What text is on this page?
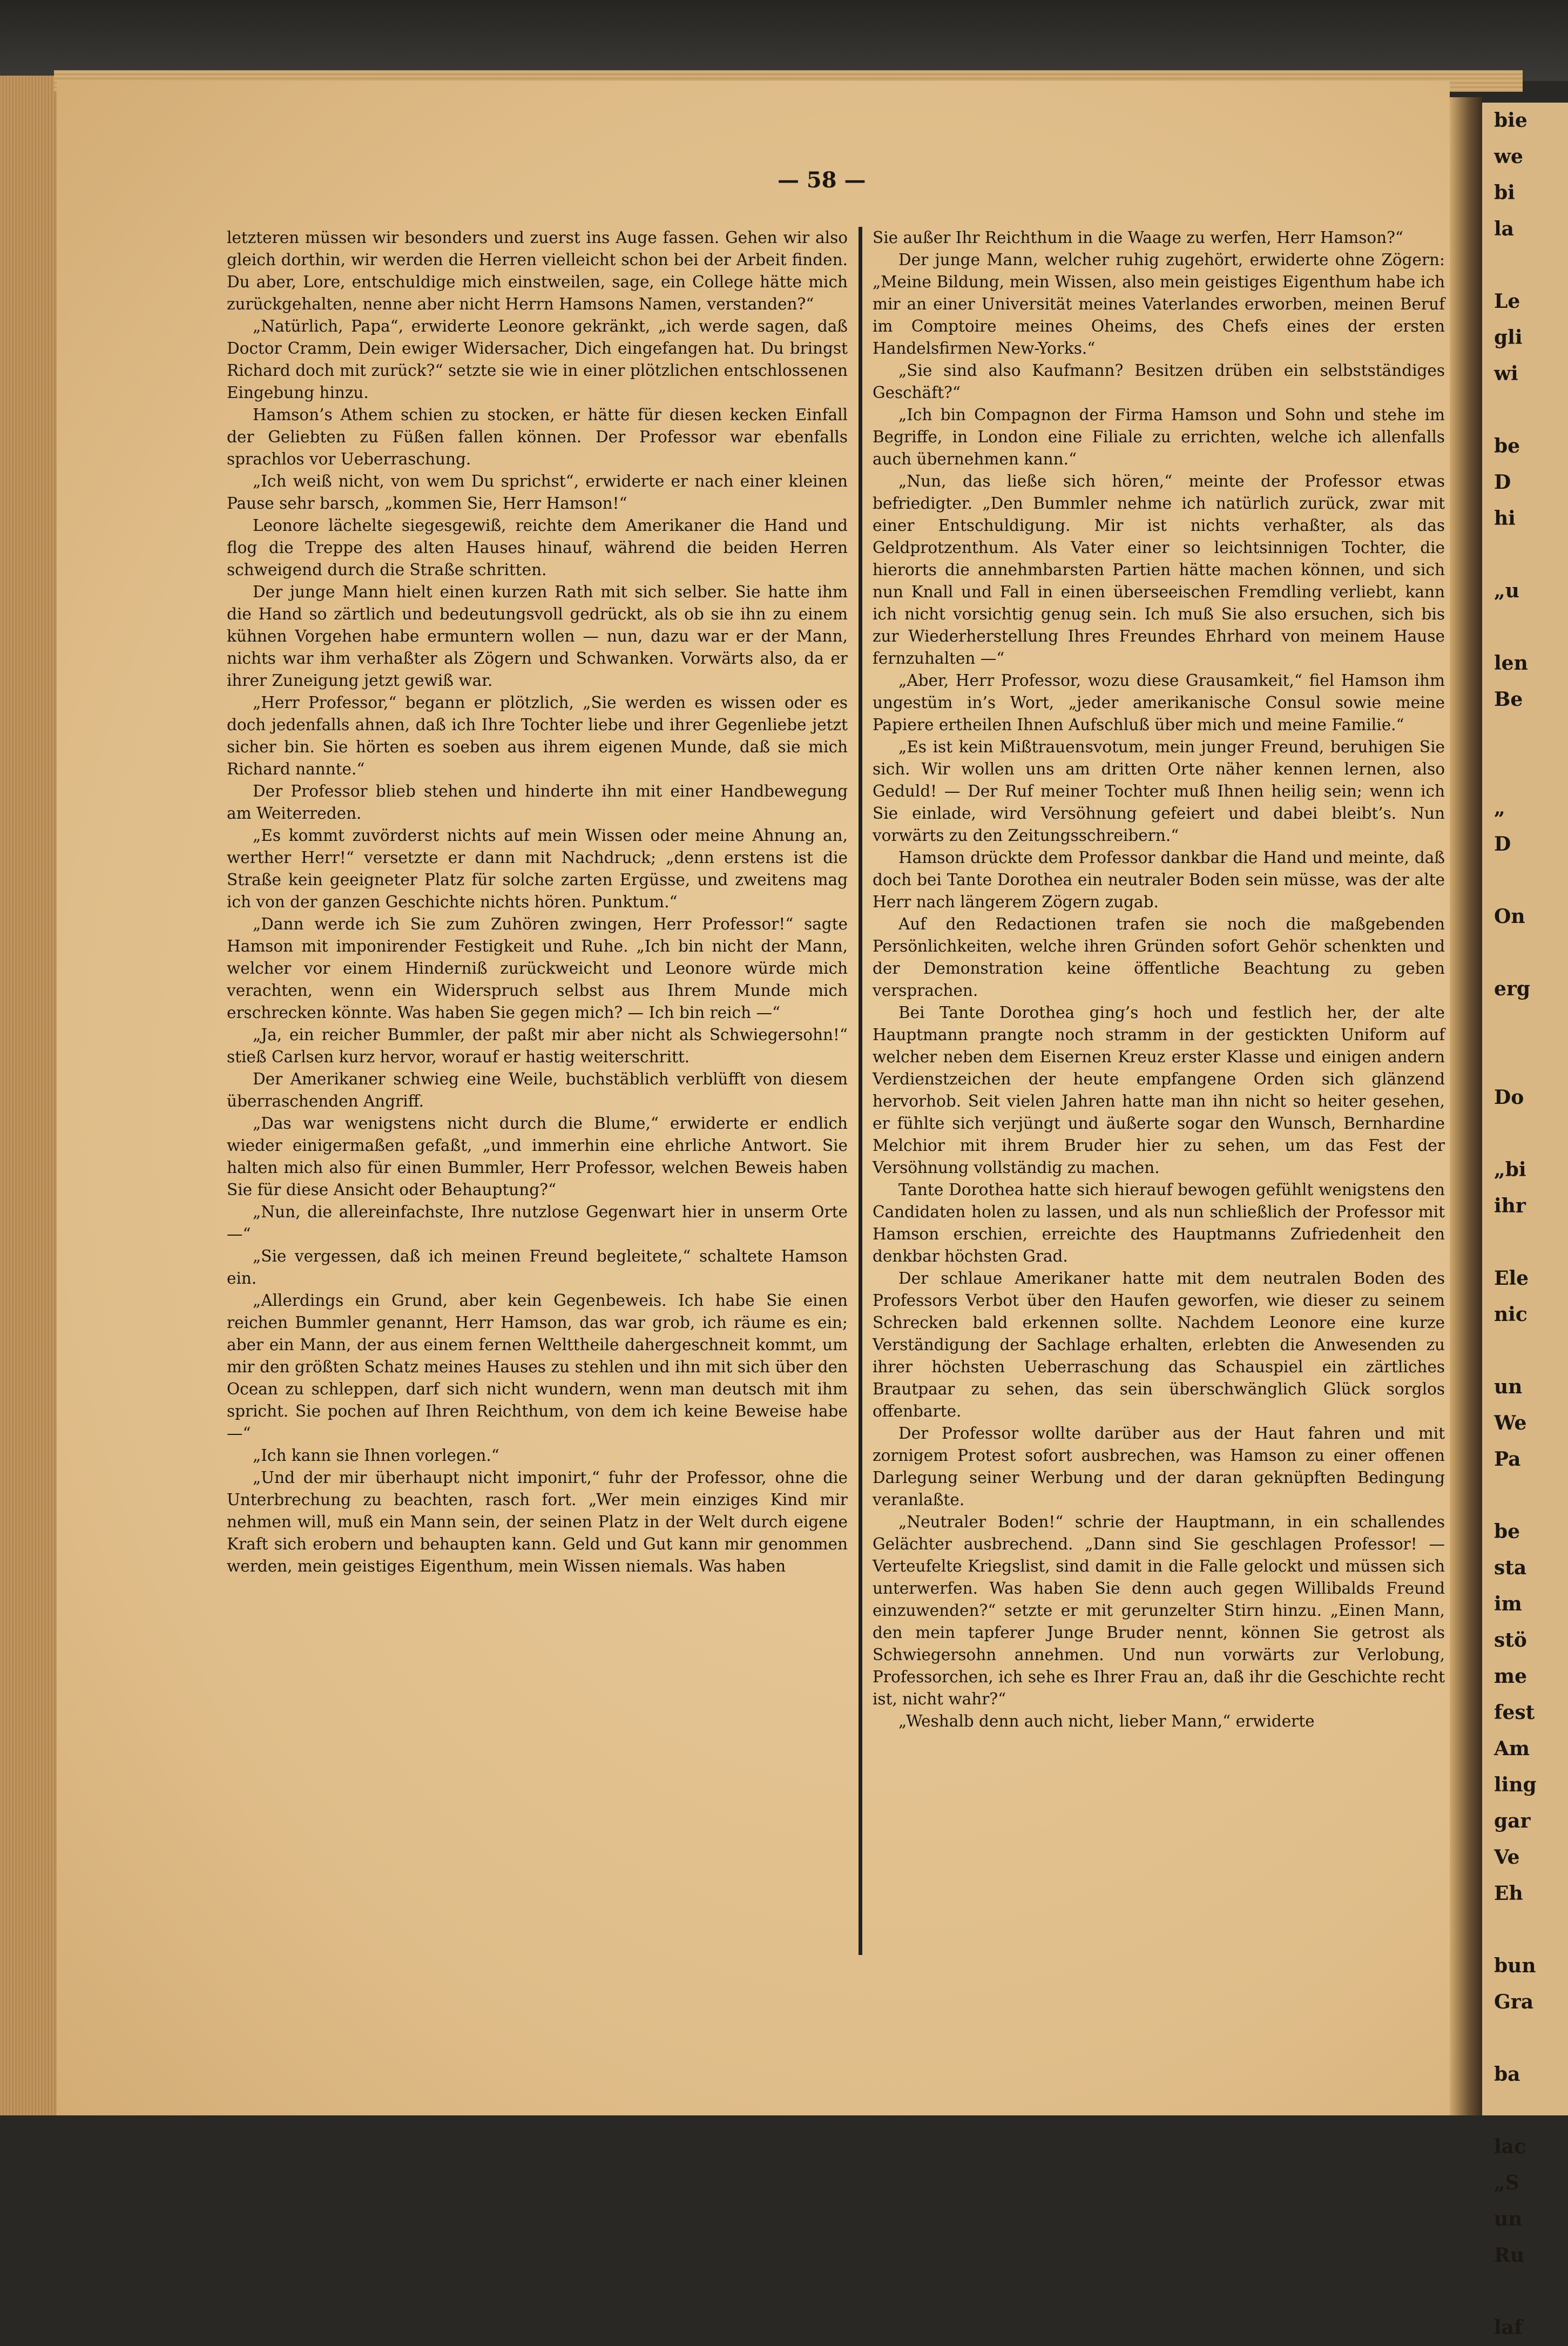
bie
we
bi
la

Le
gli
wi

be
D
hi

„u

len
Be

„
D

On

erg

Do

„bi
ihr

Ele
nic

un
We
Pa

be
sta
im
stö
me
fest
Am
ling
gar
Ve
Eh

bun
Gra

ba

lac
„S
un
Ru

laf
— 58 —

letzteren müssen wir besonders und zuerst ins Auge fassen. Gehen wir also gleich dorthin, wir werden die Herren vielleicht schon bei der Arbeit finden. Du aber, Lore, entschuldige mich einstweilen, sage, ein College hätte mich zurückgehalten, nenne aber nicht Herrn Hamsons Namen, verstanden?“

„Natürlich, Papa“, erwiderte Leonore gekränkt, „ich werde sagen, daß Doctor Cramm, Dein ewiger Widersacher, Dich eingefangen hat. Du bringst Richard doch mit zurück?“ setzte sie wie in einer plötzlichen entschlossenen Eingebung hinzu.

Hamson’s Athem schien zu stocken, er hätte für diesen kecken Einfall der Geliebten zu Füßen fallen können. Der Professor war ebenfalls sprachlos vor Ueberraschung.

„Ich weiß nicht, von wem Du sprichst“, erwiderte er nach einer kleinen Pause sehr barsch, „kommen Sie, Herr Hamson!“

Leonore lächelte siegesgewiß, reichte dem Amerikaner die Hand und flog die Treppe des alten Hauses hinauf, während die beiden Herren schweigend durch die Straße schritten.

Der junge Mann hielt einen kurzen Rath mit sich selber. Sie hatte ihm die Hand so zärtlich und bedeutungsvoll gedrückt, als ob sie ihn zu einem kühnen Vorgehen habe ermuntern wollen — nun, dazu war er der Mann, nichts war ihm verhaßter als Zögern und Schwanken. Vorwärts also, da er ihrer Zuneigung jetzt gewiß war.

„Herr Professor,“ begann er plötzlich, „Sie werden es wissen oder es doch jedenfalls ahnen, daß ich Ihre Tochter liebe und ihrer Gegenliebe jetzt sicher bin. Sie hörten es soeben aus ihrem eigenen Munde, daß sie mich Richard nannte.“

Der Professor blieb stehen und hinderte ihn mit einer Handbewegung am Weiterreden.

„Es kommt zuvörderst nichts auf mein Wissen oder meine Ahnung an, werther Herr!“ versetzte er dann mit Nachdruck; „denn erstens ist die Straße kein geeigneter Platz für solche zarten Ergüsse, und zweitens mag ich von der ganzen Geschichte nichts hören. Punktum.“

„Dann werde ich Sie zum Zuhören zwingen, Herr Professor!“ sagte Hamson mit imponirender Festigkeit und Ruhe. „Ich bin nicht der Mann, welcher vor einem Hinderniß zurückweicht und Leonore würde mich verachten, wenn ein Widerspruch selbst aus Ihrem Munde mich erschrecken könnte. Was haben Sie gegen mich? — Ich bin reich —“

„Ja, ein reicher Bummler, der paßt mir aber nicht als Schwiegersohn!“ stieß Carlsen kurz hervor, worauf er hastig weiterschritt.

Der Amerikaner schwieg eine Weile, buchstäblich verblüfft von diesem überraschenden Angriff.

„Das war wenigstens nicht durch die Blume,“ erwiderte er endlich wieder einigermaßen gefaßt, „und immerhin eine ehrliche Antwort. Sie halten mich also für einen Bummler, Herr Professor, welchen Beweis haben Sie für diese Ansicht oder Behauptung?“

„Nun, die allereinfachste, Ihre nutzlose Gegenwart hier in unserm Orte —“

„Sie vergessen, daß ich meinen Freund begleitete,“ schaltete Hamson ein.

„Allerdings ein Grund, aber kein Gegenbeweis. Ich habe Sie einen reichen Bummler genannt, Herr Hamson, das war grob, ich räume es ein; aber ein Mann, der aus einem fernen Welttheile dahergeschneit kommt, um mir den größten Schatz meines Hauses zu stehlen und ihn mit sich über den Ocean zu schleppen, darf sich nicht wundern, wenn man deutsch mit ihm spricht. Sie pochen auf Ihren Reichthum, von dem ich keine Beweise habe —“

„Ich kann sie Ihnen vorlegen.“

„Und der mir überhaupt nicht imponirt,“ fuhr der Professor, ohne die Unterbrechung zu beachten, rasch fort. „Wer mein einziges Kind mir nehmen will, muß ein Mann sein, der seinen Platz in der Welt durch eigene Kraft sich erobern und behaupten kann. Geld und Gut kann mir genommen werden, mein geistiges Eigenthum, mein Wissen niemals. Was haben

Sie außer Ihr Reichthum in die Waage zu werfen, Herr Hamson?“

Der junge Mann, welcher ruhig zugehört, erwiderte ohne Zögern: „Meine Bildung, mein Wissen, also mein geistiges Eigenthum habe ich mir an einer Universität meines Vaterlandes erworben, meinen Beruf im Comptoire meines Oheims, des Chefs eines der ersten Handelsfirmen New-Yorks.“

„Sie sind also Kaufmann? Besitzen drüben ein selbstständiges Geschäft?“

„Ich bin Compagnon der Firma Hamson und Sohn und stehe im Begriffe, in London eine Filiale zu errichten, welche ich allenfalls auch übernehmen kann.“

„Nun, das ließe sich hören,“ meinte der Professor etwas befriedigter. „Den Bummler nehme ich natürlich zurück, zwar mit einer Entschuldigung. Mir ist nichts verhaßter, als das Geldprotzenthum. Als Vater einer so leichtsinnigen Tochter, die hierorts die annehmbarsten Partien hätte machen können, und sich nun Knall und Fall in einen überseeischen Fremdling verliebt, kann ich nicht vorsichtig genug sein. Ich muß Sie also ersuchen, sich bis zur Wiederherstellung Ihres Freundes Ehrhard von meinem Hause fernzuhalten —“

„Aber, Herr Professor, wozu diese Grausamkeit,“ fiel Hamson ihm ungestüm in’s Wort, „jeder amerikanische Consul sowie meine Papiere ertheilen Ihnen Aufschluß über mich und meine Familie.“

„Es ist kein Mißtrauensvotum, mein junger Freund, beruhigen Sie sich. Wir wollen uns am dritten Orte näher kennen lernen, also Geduld! — Der Ruf meiner Tochter muß Ihnen heilig sein; wenn ich Sie einlade, wird Versöhnung gefeiert und dabei bleibt’s. Nun vorwärts zu den Zeitungsschreibern.“

Hamson drückte dem Professor dankbar die Hand und meinte, daß doch bei Tante Dorothea ein neutraler Boden sein müsse, was der alte Herr nach längerem Zögern zugab.

Auf den Redactionen trafen sie noch die maßgebenden Persönlichkeiten, welche ihren Gründen sofort Gehör schenkten und der Demonstration keine öffentliche Beachtung zu geben versprachen.

Bei Tante Dorothea ging’s hoch und festlich her, der alte Hauptmann prangte noch stramm in der gestickten Uniform auf welcher neben dem Eisernen Kreuz erster Klasse und einigen andern Verdienstzeichen der heute empfangene Orden sich glänzend hervorhob. Seit vielen Jahren hatte man ihn nicht so heiter gesehen, er fühlte sich verjüngt und äußerte sogar den Wunsch, Bernhardine Melchior mit ihrem Bruder hier zu sehen, um das Fest der Versöhnung vollständig zu machen.

Tante Dorothea hatte sich hierauf bewogen gefühlt wenigstens den Candidaten holen zu lassen, und als nun schließlich der Professor mit Hamson erschien, erreichte des Hauptmanns Zufriedenheit den denkbar höchsten Grad.

Der schlaue Amerikaner hatte mit dem neutralen Boden des Professors Verbot über den Haufen geworfen, wie dieser zu seinem Schrecken bald erkennen sollte. Nachdem Leonore eine kurze Verständigung der Sachlage erhalten, erlebten die Anwesenden zu ihrer höchsten Ueberraschung das Schauspiel ein zärtliches Brautpaar zu sehen, das sein überschwänglich Glück sorglos offenbarte.

Der Professor wollte darüber aus der Haut fahren und mit zornigem Protest sofort ausbrechen, was Hamson zu einer offenen Darlegung seiner Werbung und der daran geknüpften Bedingung veranlaßte.

„Neutraler Boden!“ schrie der Hauptmann, in ein schallendes Gelächter ausbrechend. „Dann sind Sie geschlagen Professor! — Verteufelte Kriegslist, sind damit in die Falle gelockt und müssen sich unterwerfen. Was haben Sie denn auch gegen Willibalds Freund einzuwenden?“ setzte er mit gerunzelter Stirn hinzu. „Einen Mann, den mein tapferer Junge Bruder nennt, können Sie getrost als Schwiegersohn annehmen. Und nun vorwärts zur Verlobung, Professorchen, ich sehe es Ihrer Frau an, daß ihr die Geschichte recht ist, nicht wahr?“

„Weshalb denn auch nicht, lieber Mann,“ erwiderte
